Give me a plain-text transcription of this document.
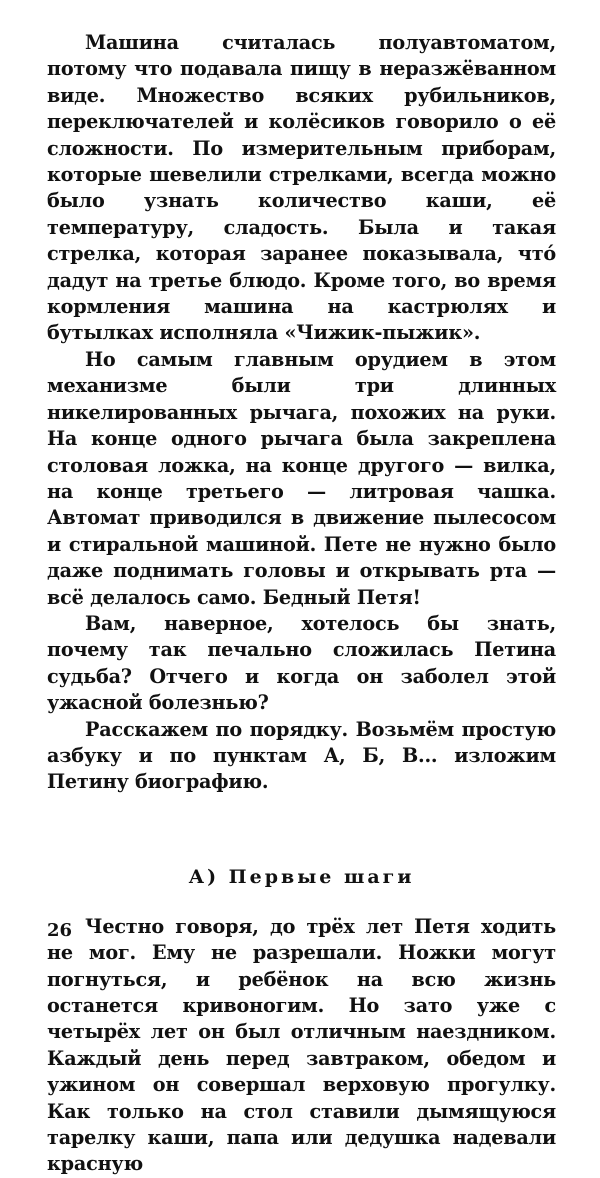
Машина считалась полуавтоматом, потому что подавала пищу в неразжёванном виде. Множество всяких рубильников, переключателей и колёсиков говорило о её сложности. По измерительным приборам, которые шевелили стрелками, всегда можно было узнать количество каши, её температуру, сладость. Была и такая стрелка, которая заранее показывала, что́ дадут на третье блюдо. Кроме того, во время кормления машина на кастрюлях и бутылках исполняла «Чижик-пыжик».

Но самым главным орудием в этом механизме были три длинных никелированных рычага, похожих на руки. На конце одного рычага была закреплена столовая ложка, на конце другого — вилка, на конце третьего — литровая чашка. Автомат приводился в движение пылесосом и стиральной машиной. Пете не нужно было даже поднимать головы и открывать рта — всё делалось само. Бедный Петя!

Вам, наверное, хотелось бы знать, почему так печально сложилась Петина судьба? Отчего и когда он заболел этой ужасной болезнью?

Расскажем по порядку. Возьмём простую азбуку и по пунктам А, Б, В... изложим Петину биографию.

А) Первые шаги

Честно говоря, до трёх лет Петя ходить не мог. Ему не разрешали. Ножки могут погнуться, и ребёнок на всю жизнь останется кривоногим. Но зато уже с четырёх лет он был отличным наездником. Каждый день перед завтраком, обедом и ужином он совершал верховую прогулку. Как только на стол ставили дымящуюся тарелку каши, папа или дедушка надевали красную

26
